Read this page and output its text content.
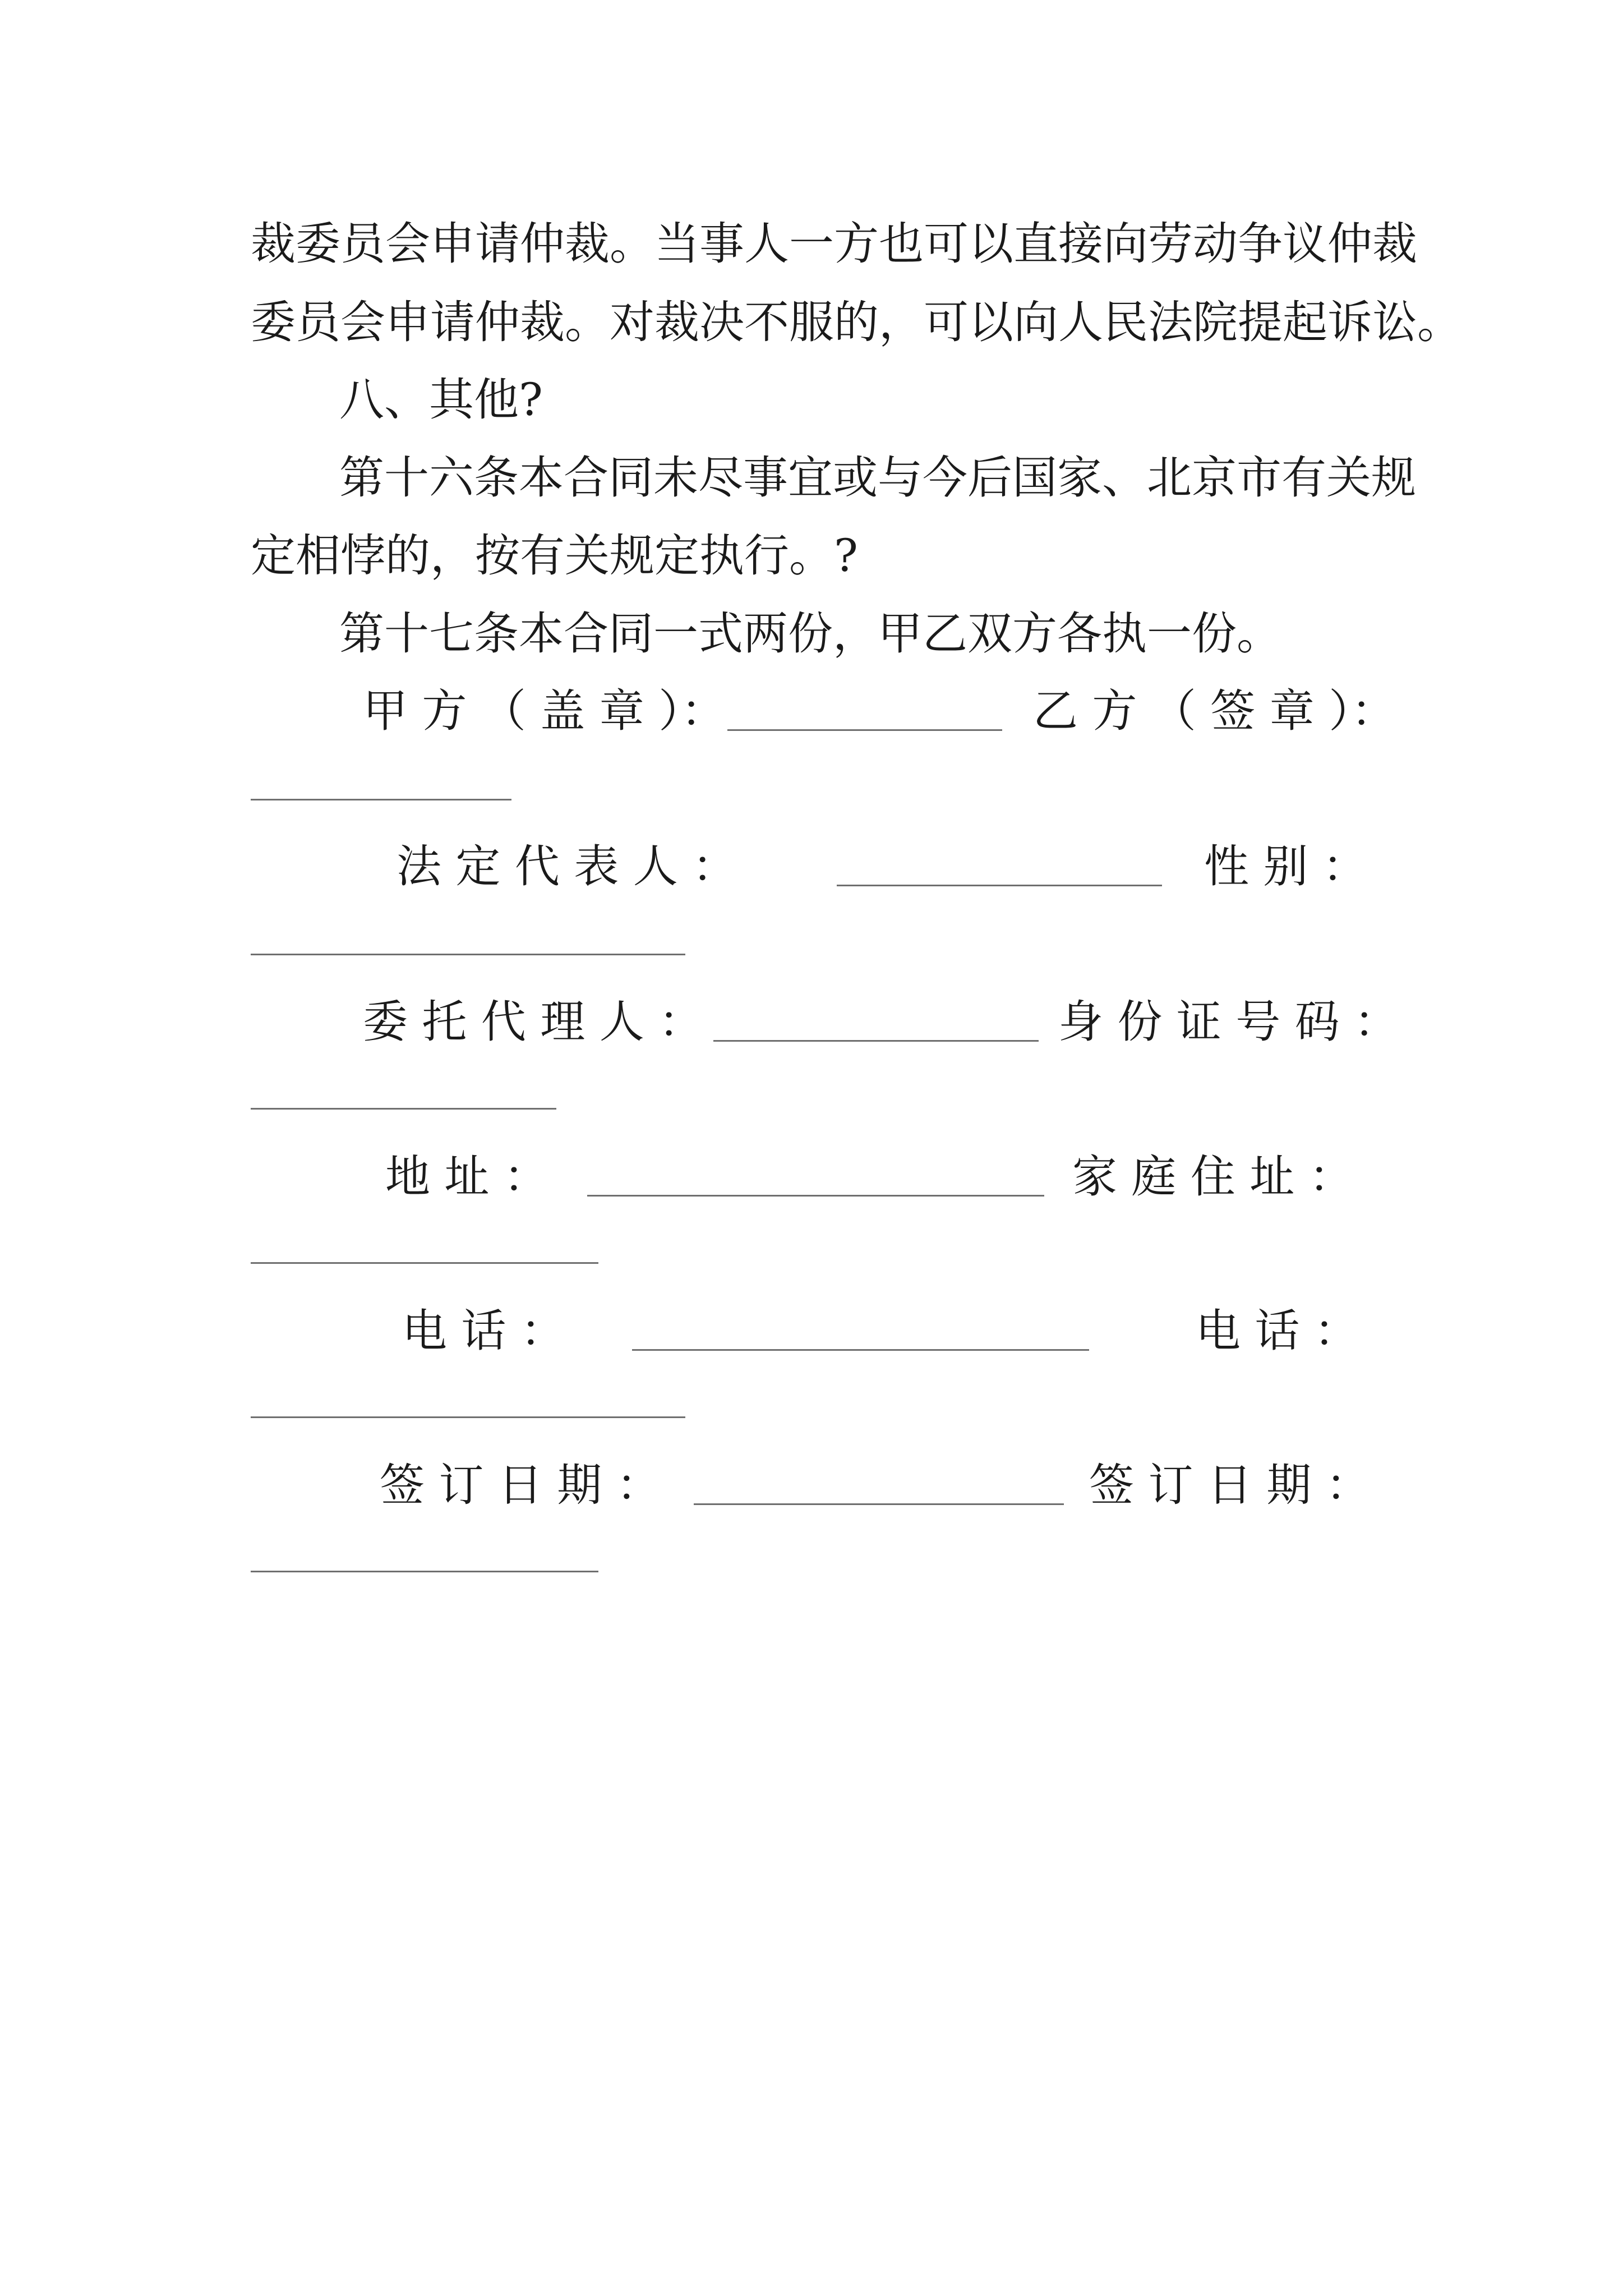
裁委员会申请仲裁。当事人一方也可以直接向劳动争议仲裁
委员会申请仲裁。对裁决不服的，可以向人民法院提起诉讼。
八、其他?
第十六条本合同未尽事宜或与今后国家、北京市有关规
定相悖的，按有关规定执行。?
第十七条本合同一式两份，甲乙双方各执一份。
甲 方 （ 盖 章 ）：	乙 方 （ 签 章 ）：
法 定 代 表 人 ：	性 别 ：
委 托 代 理 人 ：	身 份 证 号 码 ：
地 址 ：	家 庭 住 址 ：
电 话 ：	电 话 ：
签 订 日 期 ：	签 订 日 期 ：
